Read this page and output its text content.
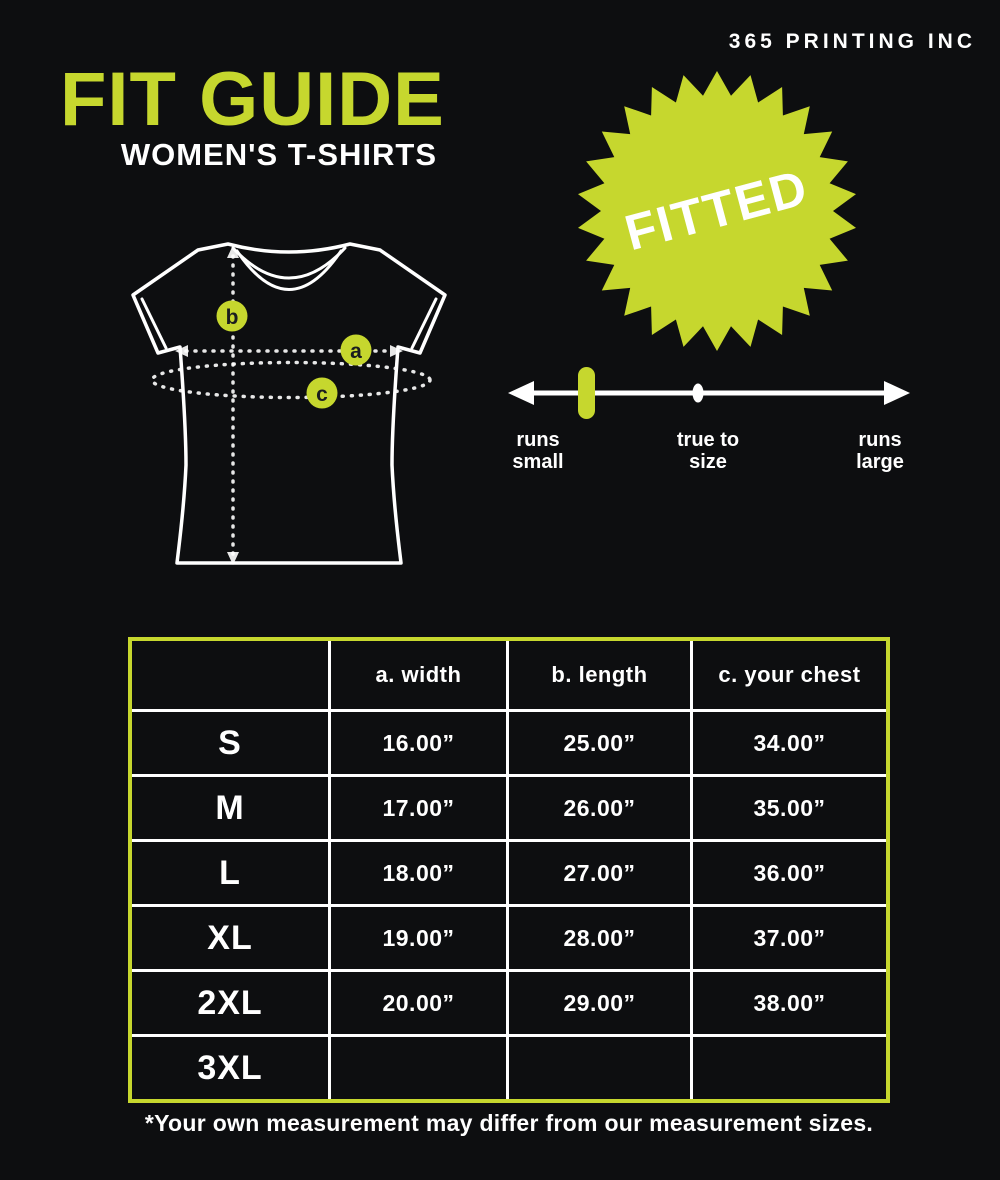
365 PRINTING INC
FIT GUIDE
WOMEN'S T-SHIRTS
FITTED
b
a
c
runs
small
true to
size
runs
large
a. width	b. length	c. your chest
S	16.00”	25.00”	34.00”
M	17.00”	26.00”	35.00”
L	18.00”	27.00”	36.00”
XL	19.00”	28.00”	37.00”
2XL	20.00”	29.00”	38.00”
3XL
*Your own measurement may differ from our measurement sizes.
